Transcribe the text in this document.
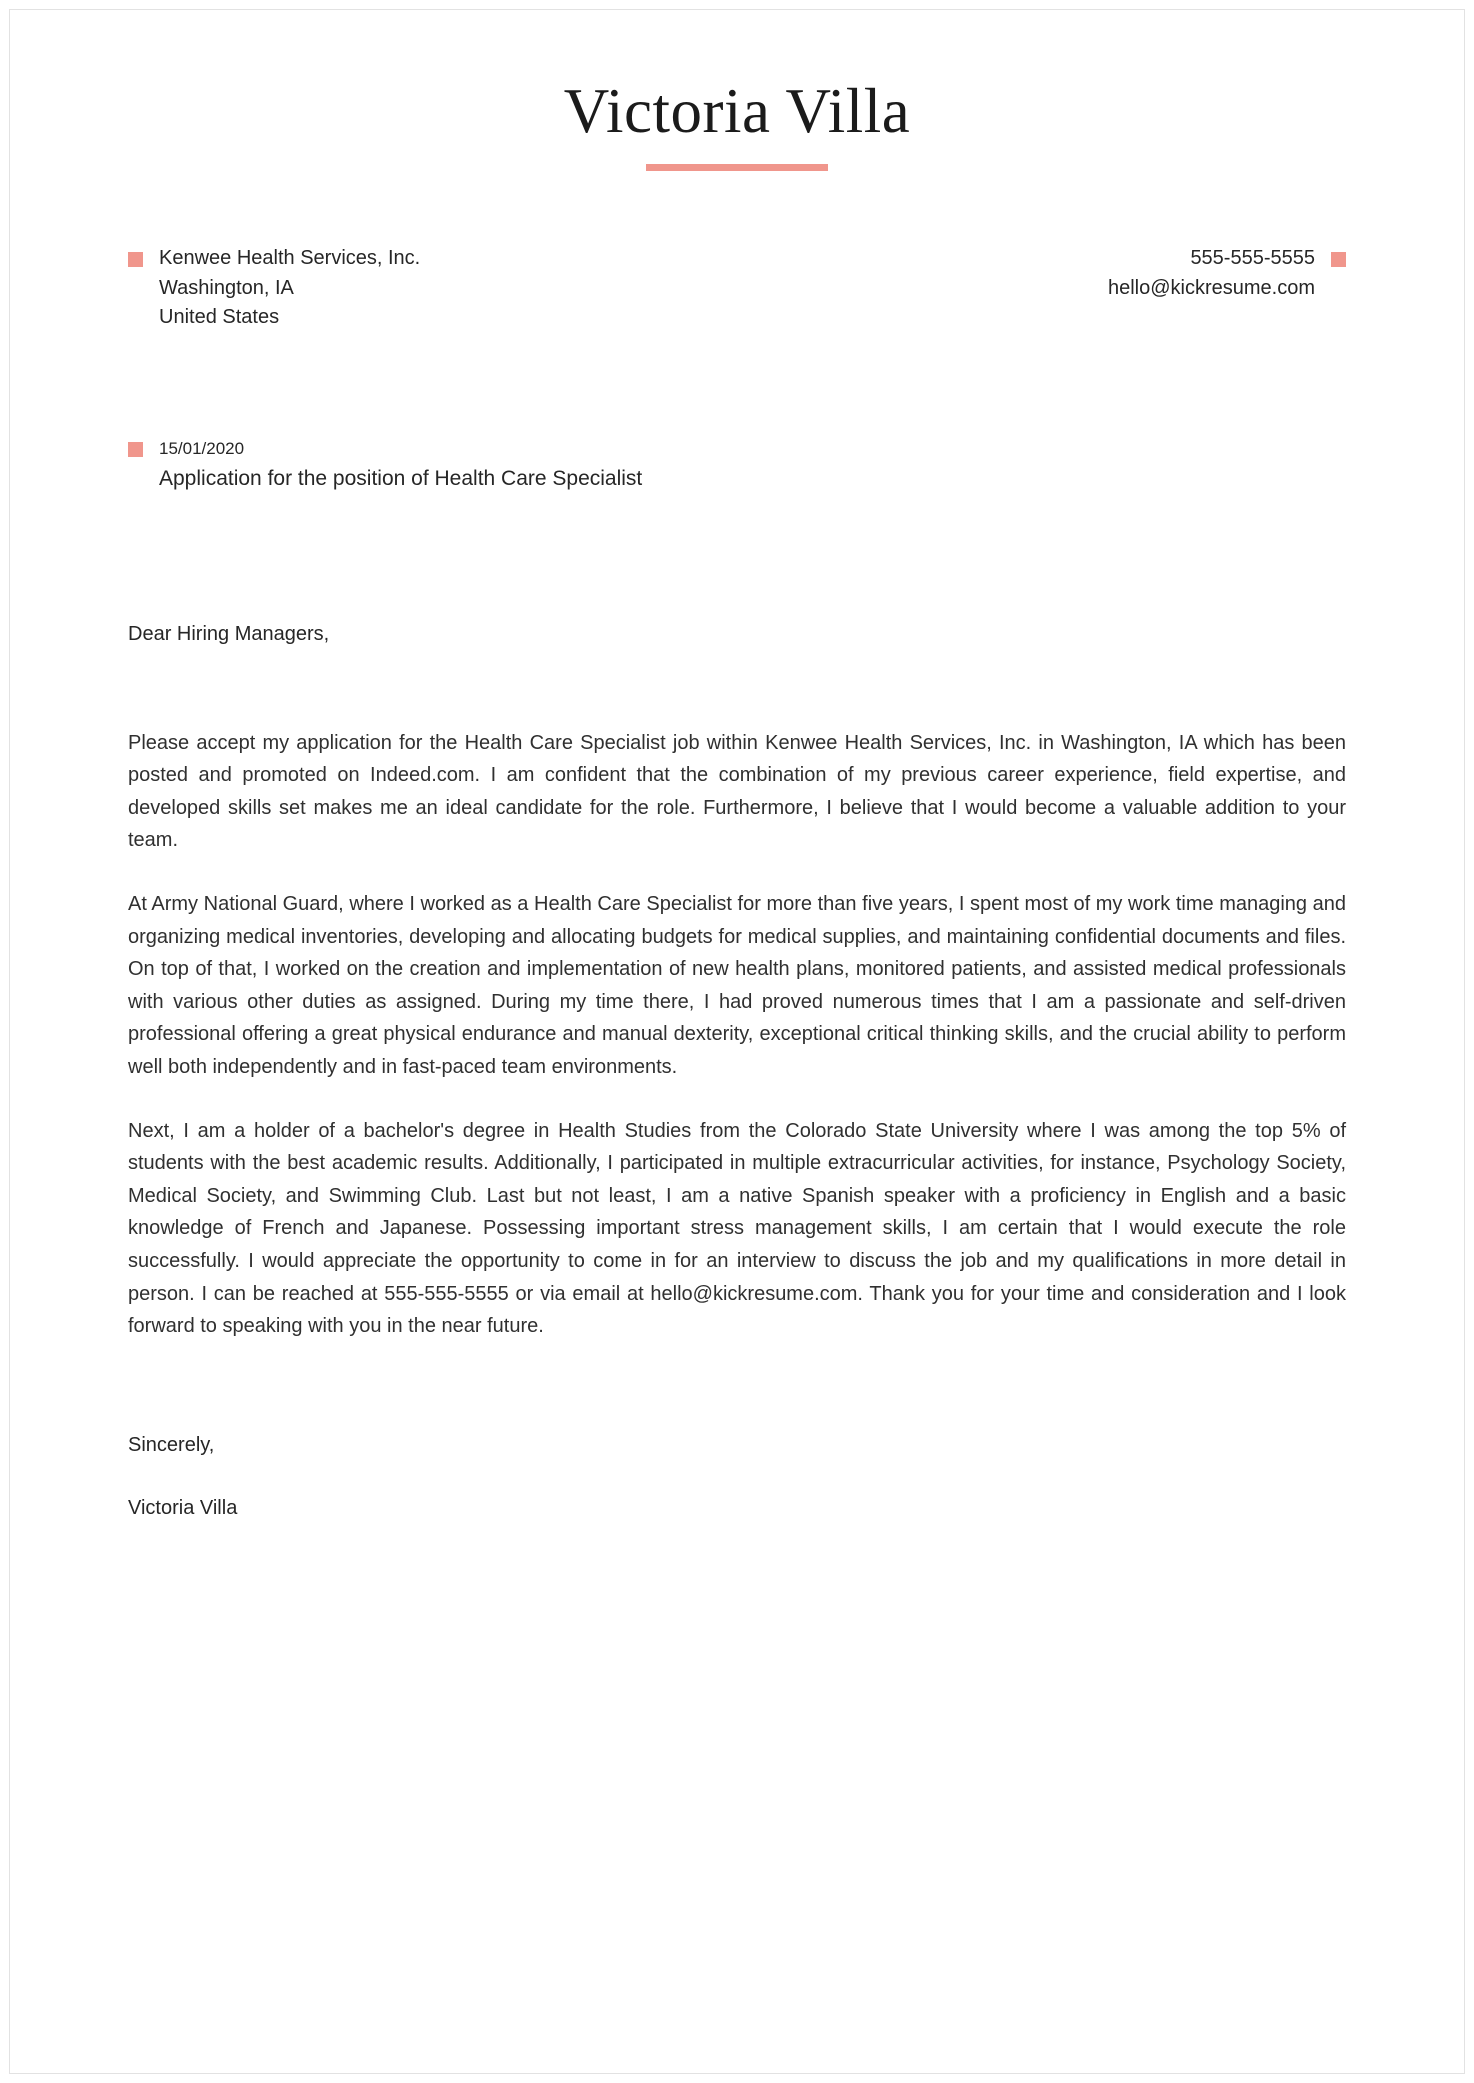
Victoria Villa
Kenwee Health Services, Inc.
Washington, IA
United States
555-555-5555
hello@kickresume.com
15/01/2020
Application for the position of Health Care Specialist
Dear Hiring Managers,

Please accept my application for the Health Care Specialist job within Kenwee Health Services, Inc. in Washington, IA which has been posted and promoted on Indeed.com. I am confident that the combination of my previous career experience, field expertise, and developed skills set makes me an ideal candidate for the role. Furthermore, I believe that I would become a valuable addition to your team.

At Army National Guard, where I worked as a Health Care Specialist for more than five years, I spent most of my work time managing and organizing medical inventories, developing and allocating budgets for medical supplies, and maintaining confidential documents and files. On top of that, I worked on the creation and implementation of new health plans, monitored patients, and assisted medical professionals with various other duties as assigned. During my time there, I had proved numerous times that I am a passionate and self-driven professional offering a great physical endurance and manual dexterity, exceptional critical thinking skills, and the crucial ability to perform well both independently and in fast-paced team environments.

Next, I am a holder of a bachelor's degree in Health Studies from the Colorado State University where I was among the top 5% of students with the best academic results. Additionally, I participated in multiple extracurricular activities, for instance, Psychology Society, Medical Society, and Swimming Club. Last but not least, I am a native Spanish speaker with a proficiency in English and a basic knowledge of French and Japanese. Possessing important stress management skills, I am certain that I would execute the role successfully. I would appreciate the opportunity to come in for an interview to discuss the job and my qualifications in more detail in person. I can be reached at 555-555-5555 or via email at hello@kickresume.com. Thank you for your time and consideration and I look forward to speaking with you in the near future.

Sincerely,
Victoria Villa
